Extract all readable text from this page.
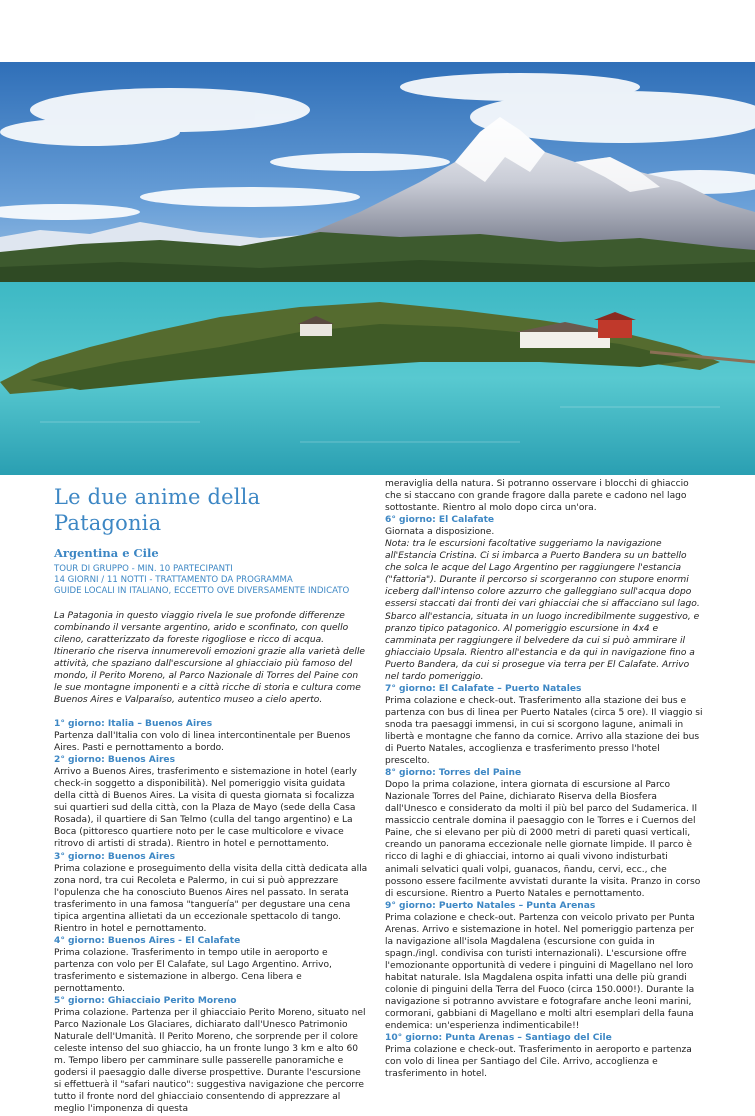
Le due anime della Patagonia
Argentina e Cile
TOUR DI GRUPPO - MIN. 10 PARTECIPANTI
14 GIORNI / 11 NOTTI - TRATTAMENTO DA PROGRAMMA
GUIDE LOCALI IN ITALIANO, ECCETTO OVE DIVERSAMENTE INDICATO

La Patagonia in questo viaggio rivela le sue profonde differenze combinando il versante argentino, arido e sconfinato, con quello cileno, caratterizzato da foreste rigogliose e ricco di acqua. Itinerario che riserva innumerevoli emozioni grazie alla varietà delle attività, che spaziano dall'escursione al ghiacciaio più famoso del mondo, il Perito Moreno, al Parco Nazionale di Torres del Paine con le sue montagne imponenti e a città ricche di storia e cultura come Buenos Aires e Valparaíso, autentico museo a cielo aperto.

1° giorno: Italia – Buenos Aires

Partenza dall'Italia con volo di linea intercontinentale per Buenos Aires. Pasti e pernottamento a bordo.

2° giorno: Buenos Aires

Arrivo a Buenos Aires, trasferimento e sistemazione in hotel (early check-in soggetto a disponibilità). Nel pomeriggio visita guidata della città di Buenos Aires. La visita di questa giornata si focalizza sui quartieri sud della città, con la Plaza de Mayo (sede della Casa Rosada), il quartiere di San Telmo (culla del tango argentino) e La Boca (pittoresco quartiere noto per le case multicolore e vivace ritrovo di artisti di strada). Rientro in hotel e pernottamento.

3° giorno: Buenos Aires

Prima colazione e proseguimento della visita della città dedicata alla zona nord, tra cui Recoleta e Palermo, in cui si può apprezzare l'opulenza che ha conosciuto Buenos Aires nel passato. In serata trasferimento in una famosa "tanguería" per degustare una cena tipica argentina allietati da un eccezionale spettacolo di tango. Rientro in hotel e pernottamento.

4° giorno: Buenos Aires - El Calafate

Prima colazione. Trasferimento in tempo utile in aeroporto e partenza con volo per El Calafate, sul Lago Argentino. Arrivo, trasferimento e sistemazione in albergo. Cena libera e pernottamento.

5° giorno: Ghiacciaio Perito Moreno

Prima colazione. Partenza per il ghiacciaio Perito Moreno, situato nel Parco Nazionale Los Glaciares, dichiarato dall'Unesco Patrimonio Naturale dell'Umanità. Il Perito Moreno, che sorprende per il colore celeste intenso del suo ghiaccio, ha un fronte lungo 3 km e alto 60 m. Tempo libero per camminare sulle passerelle panoramiche e godersi il paesaggio dalle diverse prospettive. Durante l'escursione si effettuerà il "safari nautico": suggestiva navigazione che percorre tutto il fronte nord del ghiacciaio consentendo di apprezzare al meglio l'imponenza di questa

meraviglia della natura. Si potranno osservare i blocchi di ghiaccio che si staccano con grande fragore dalla parete e cadono nel lago sottostante. Rientro al molo dopo circa un'ora.

6° giorno: El Calafate

Giornata a disposizione.

Nota: tra le escursioni facoltative suggeriamo la navigazione all'Estancia Cristina. Ci si imbarca a Puerto Bandera su un battello che solca le acque del Lago Argentino per raggiungere l'estancia ("fattoria"). Durante il percorso si scorgeranno con stupore enormi iceberg dall'intenso colore azzurro che galleggiano sull'acqua dopo essersi staccati dai fronti dei vari ghiacciai che si affacciano sul lago. Sbarco all'estancia, situata in un luogo incredibilmente suggestivo, e pranzo tipico patagonico. Al pomeriggio escursione in 4x4 e camminata per raggiungere il belvedere da cui si può ammirare il ghiacciaio Upsala. Rientro all'estancia e da qui in navigazione fino a Puerto Bandera, da cui si prosegue via terra per El Calafate. Arrivo nel tardo pomeriggio.

7° giorno: El Calafate – Puerto Natales

Prima colazione e check-out. Trasferimento alla stazione dei bus e partenza con bus di linea per Puerto Natales (circa 5 ore). Il viaggio si snoda tra paesaggi immensi, in cui si scorgono lagune, animali in libertà e montagne che fanno da cornice. Arrivo alla stazione dei bus di Puerto Natales, accoglienza e trasferimento presso l'hotel prescelto.

8° giorno: Torres del Paine

Dopo la prima colazione, intera giornata di escursione al Parco Nazionale Torres del Paine, dichiarato Riserva della Biosfera dall'Unesco e considerato da molti il più bel parco del Sudamerica. Il massiccio centrale domina il paesaggio con le Torres e i Cuernos del Paine, che si elevano per più di 2000 metri di pareti quasi verticali, creando un panorama eccezionale nelle giornate limpide. Il parco è ricco di laghi e di ghiacciai, intorno ai quali vivono indisturbati animali selvatici quali volpi, guanacos, ñandu, cervi, ecc., che possono essere facilmente avvistati durante la visita. Pranzo in corso di escursione. Rientro a Puerto Natales e pernottamento.

9° giorno: Puerto Natales – Punta Arenas

Prima colazione e check-out. Partenza con veicolo privato per Punta Arenas. Arrivo e sistemazione in hotel. Nel pomeriggio partenza per la navigazione all'isola Magdalena (escursione con guida in spagn./ingl. condivisa con turisti internazionali). L'escursione offre l'emozionante opportunità di vedere i pinguini di Magellano nel loro habitat naturale. Isla Magdalena ospita infatti una delle più grandi colonie di pinguini della Terra del Fuoco (circa 150.000!). Durante la navigazione si potranno avvistare e fotografare anche leoni marini, cormorani, gabbiani di Magellano e molti altri esemplari della fauna endemica: un'esperienza indimenticabile!!

10° giorno: Punta Arenas – Santiago del Cile

Prima colazione e check-out. Trasferimento in aeroporto e partenza con volo di linea per Santiago del Cile. Arrivo, accoglienza e trasferimento in hotel.
